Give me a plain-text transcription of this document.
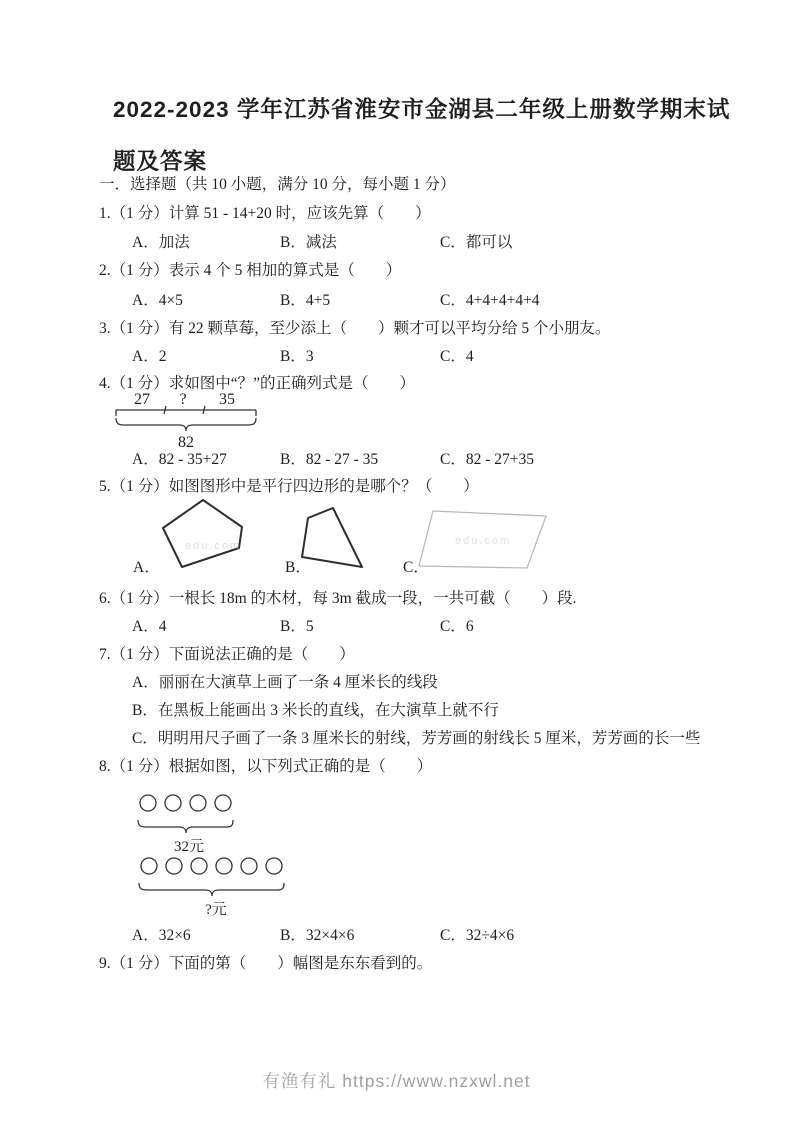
2022-2023 学年江苏省淮安市金湖县二年级上册数学期末试
题及答案
一．选择题（共 10 小题，满分 10 分，每小题 1 分）
1.（1 分）计算 51 - 14+20 时，应该先算（　　）
A．加法	B．减法	C．都可以
2.（1 分）表示 4 个 5 相加的算式是（　　）
A．4×5	B．4+5	C．4+4+4+4+4
3.（1 分）有 22 颗草莓，至少添上（　　）颗才可以平均分给 5 个小朋友。
A．2	B．3	C．4
4.（1 分）求如图中“？”的正确列式是（　　）
27 ? 35
82
A．82 - 35+27	B．82 - 27 - 35	C．82 - 27+35
5.（1 分）如图图形中是平行四边形的是哪个？（　　）
A．
edu.com
B．	C．
edu.com
6.（1 分）一根长 18m 的木材，每 3m 截成一段，一共可截（　　）段.
A．4	B．5	C．6
7.（1 分）下面说法正确的是（　　）
A．丽丽在大演草上画了一条 4 厘米长的线段
B．在黑板上能画出 3 米长的直线，在大演草上就不行
C．明明用尺子画了一条 3 厘米长的射线，芳芳画的射线长 5 厘米，芳芳画的长一些
8.（1 分）根据如图，以下列式正确的是（　　）
32元
?元
A．32×6	B．32×4×6	C．32÷4×6
9.（1 分）下面的第（　　）幅图是东东看到的。
有渔有礼 https://www.nzxwl.net
